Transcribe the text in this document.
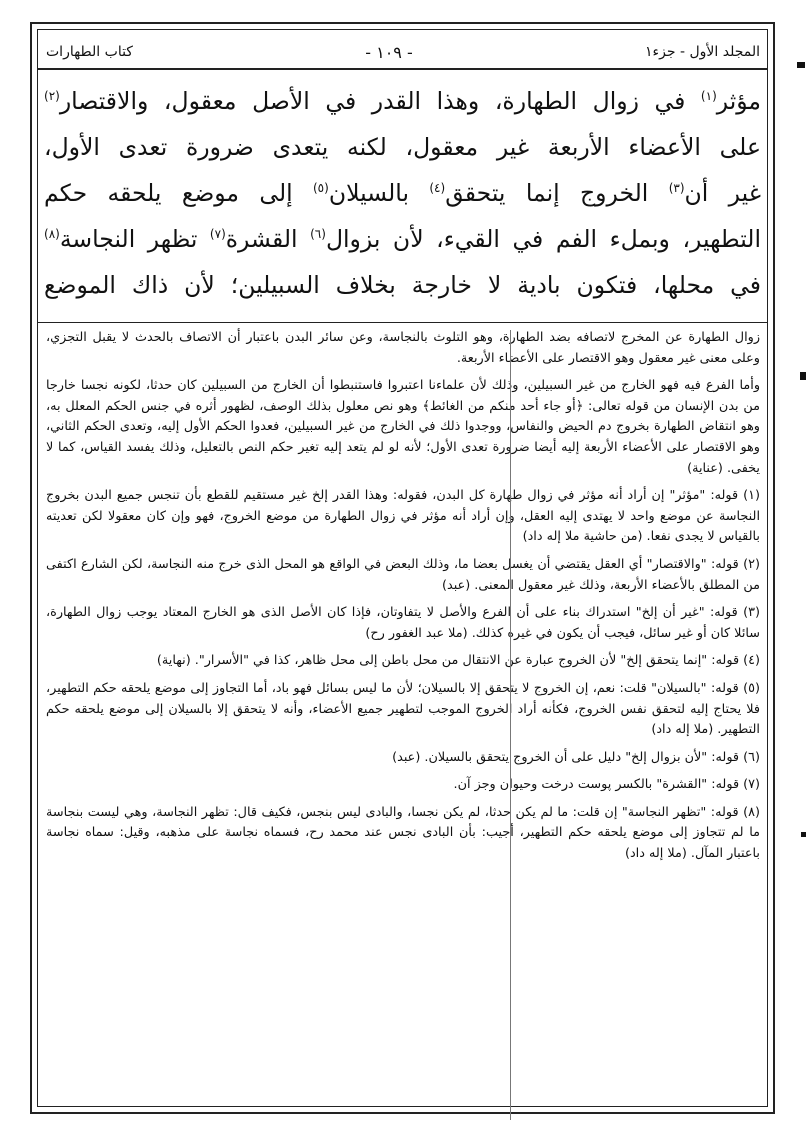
المجلد الأول - جزء١
- ١٠٩ -
كتاب الطهارات
مؤثر$^{(١)}$ في زوال الطهارة، وهذا القدر في الأصل معقول، والاقتصار$^{(٢)}$
على الأعضاء الأربعة غير معقول، لكنه يتعدى ضرورة تعدى الأول،
غير أن$^{(٣)}$ الخروج إنما يتحقق$^{(٤)}$ بالسيلان$^{(٥)}$ إلى موضع يلحقه حكم
التطهير، وبملء الفم في القيء، لأن بزوال$^{(٦)}$ القشرة$^{(٧)}$ تظهر النجاسة$^{(٨)}$
في محلها، فتكون بادية لا خارجة بخلاف السبيلين؛ لأن ذاك الموضع

زوال الطهارة عن المخرج لاتصافه بضد الطهارة، وهو التلوث بالنجاسة، وعن سائر البدن باعتبار أن الاتصاف بالحدث لا يقبل التجزي، وعلى معنى غير معقول وهو الاقتصار على الأعضاء الأربعة.

وأما الفرع فيه فهو الخارج من غير السبيلين، وذلك لأن علماءنا اعتبروا فاستنبطوا أن الخارج من السبيلين كان حدثا، لكونه نجسا خارجا من بدن الإنسان من قوله تعالى: ﴿أو جاء أحد منكم من الغائط﴾ وهو نص معلول بذلك الوصف، لظهور أثره في جنس الحكم المعلل به، وهو انتقاض الطهارة بخروج دم الحيض والنفاس، ووجدوا ذلك في الخارج من غير السبيلين، فعدوا الحكم الأول إليه، وتعدى الحكم الثاني، وهو الاقتصار على الأعضاء الأربعة إليه أيضا ضرورة تعدى الأول؛ لأنه لو لم يتعد إليه تغير حكم النص بالتعليل، وذلك يفسد القياس، كما لا يخفى. (عناية)

(١) قوله: "مؤثر" إن أراد أنه مؤثر في زوال طهارة كل البدن، فقوله: وهذا القدر إلخ غير مستقيم للقطع بأن تنجس جميع البدن بخروج النجاسة عن موضع واحد لا يهتدى إليه العقل، وإن أراد أنه مؤثر في زوال الطهارة من موضع الخروج، فهو وإن كان معقولا لكن تعديته بالقياس لا يجدى نفعا. (من حاشية ملا إله داد)

(٢) قوله: "والاقتصار" أي العقل يقتضي أن يغسل بعضا ما، وذلك البعض في الواقع هو المحل الذى خرج منه النجاسة، لكن الشارع اكتفى من المطلق بالأعضاء الأربعة، وذلك غير معقول المعنى. (عبد)

(٣) قوله: "غير أن إلخ" استدراك بناء على أن الفرع والأصل لا يتفاوتان، فإذا كان الأصل الذى هو الخارج المعتاد يوجب زوال الطهارة، سائلا كان أو غير سائل، فيجب أن يكون في غيره كذلك. (ملا عبد الغفور رح)

(٤) قوله: "إنما يتحقق إلخ" لأن الخروج عبارة عن الانتقال من محل باطن إلى محل ظاهر، كذا في "الأسرار". (نهاية)

(٥) قوله: "بالسيلان" قلت: نعم، إن الخروج لا يتحقق إلا بالسيلان؛ لأن ما ليس بسائل فهو باد، أما التجاوز إلى موضع يلحقه حكم التطهير، فلا يحتاج إليه لتحقق نفس الخروج، فكأنه أراد الخروج الموجب لتطهير جميع الأعضاء، وأنه لا يتحقق إلا بالسيلان إلى موضع يلحقه حكم التطهير. (ملا إله داد)

(٦) قوله: "لأن بزوال إلخ" دليل على أن الخروج يتحقق بالسيلان. (عبد)

(٧) قوله: "القشرة" بالكسر پوست درخت وحيوان وجز آن.

(٨) قوله: "تظهر النجاسة" إن قلت: ما لم يكن حدثا، لم يكن نجسا، والبادى ليس بنجس، فكيف قال: تظهر النجاسة، وهي ليست بنجاسة ما لم تتجاوز إلى موضع يلحقه حكم التطهير، أجيب: بأن البادى نجس عند محمد رح، فسماه نجاسة على مذهبه، وقيل: سماه نجاسة باعتبار المآل. (ملا إله داد)
